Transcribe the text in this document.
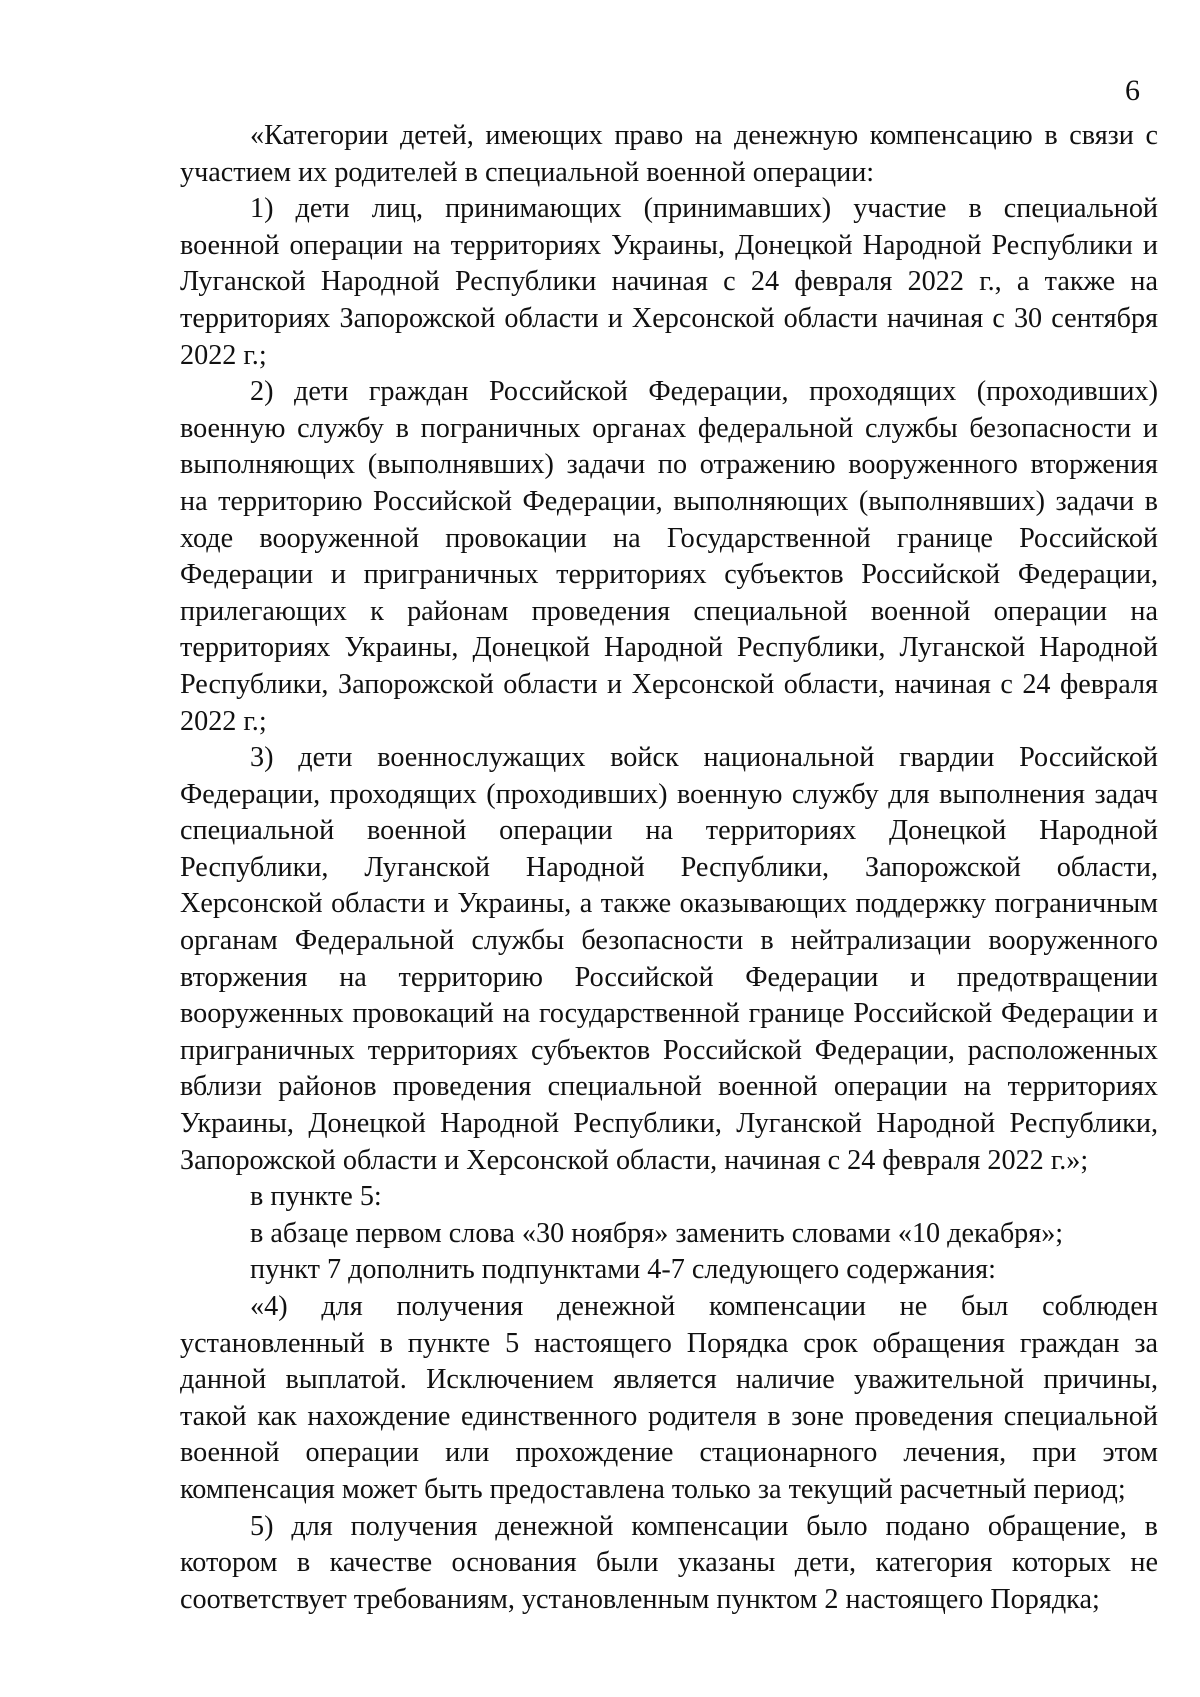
6

«Категории детей, имеющих право на денежную компенсацию в связи с участием их родителей в специальной военной операции:

1) дети лиц, принимающих (принимавших) участие в специальной военной операции на территориях Украины, Донецкой Народной Республики и Луганской Народной Республики начиная с 24 февраля 2022 г., а также на территориях Запорожской области и Херсонской области начиная с 30 сентября 2022 г.;

2) дети граждан Российской Федерации, проходящих (проходивших) военную службу в пограничных органах федеральной службы безопасности и выполняющих (выполнявших) задачи по отражению вооруженного вторжения на территорию Российской Федерации, выполняющих (выполнявших) задачи в ходе вооруженной провокации на Государственной границе Российской Федерации и приграничных территориях субъектов Российской Федерации, прилегающих к районам проведения специальной военной операции на территориях Украины, Донецкой Народной Республики, Луганской Народной Республики, Запорожской области и Херсонской области, начиная с 24 февраля 2022 г.;

3) дети военнослужащих войск национальной гвардии Российской Федерации, проходящих (проходивших) военную службу для выполнения задач специальной военной операции на территориях Донецкой Народной Республики, Луганской Народной Республики, Запорожской области, Херсонской области и Украины, а также оказывающих поддержку пограничным органам Федеральной службы безопасности в нейтрализации вооруженного вторжения на территорию Российской Федерации и предотвращении вооруженных провокаций на государственной границе Российской Федерации и приграничных территориях субъектов Российской Федерации, расположенных вблизи районов проведения специальной военной операции на территориях Украины, Донецкой Народной Республики, Луганской Народной Республики, Запорожской области и Херсонской области, начиная с 24 февраля 2022 г.»;

в пункте 5:

в абзаце первом слова «30 ноября» заменить словами «10 декабря»;

пункт 7 дополнить подпунктами 4-7 следующего содержания:

«4) для получения денежной компенсации не был соблюден установленный в пункте 5 настоящего Порядка срок обращения граждан за данной выплатой. Исключением является наличие уважительной причины, такой как нахождение единственного родителя в зоне проведения специальной военной операции или прохождение стационарного лечения, при этом компенсация может быть предоставлена только за текущий расчетный период;

5) для получения денежной компенсации было подано обращение, в котором в качестве основания были указаны дети, категория которых не соответствует требованиям, установленным пунктом 2 настоящего Порядка;
